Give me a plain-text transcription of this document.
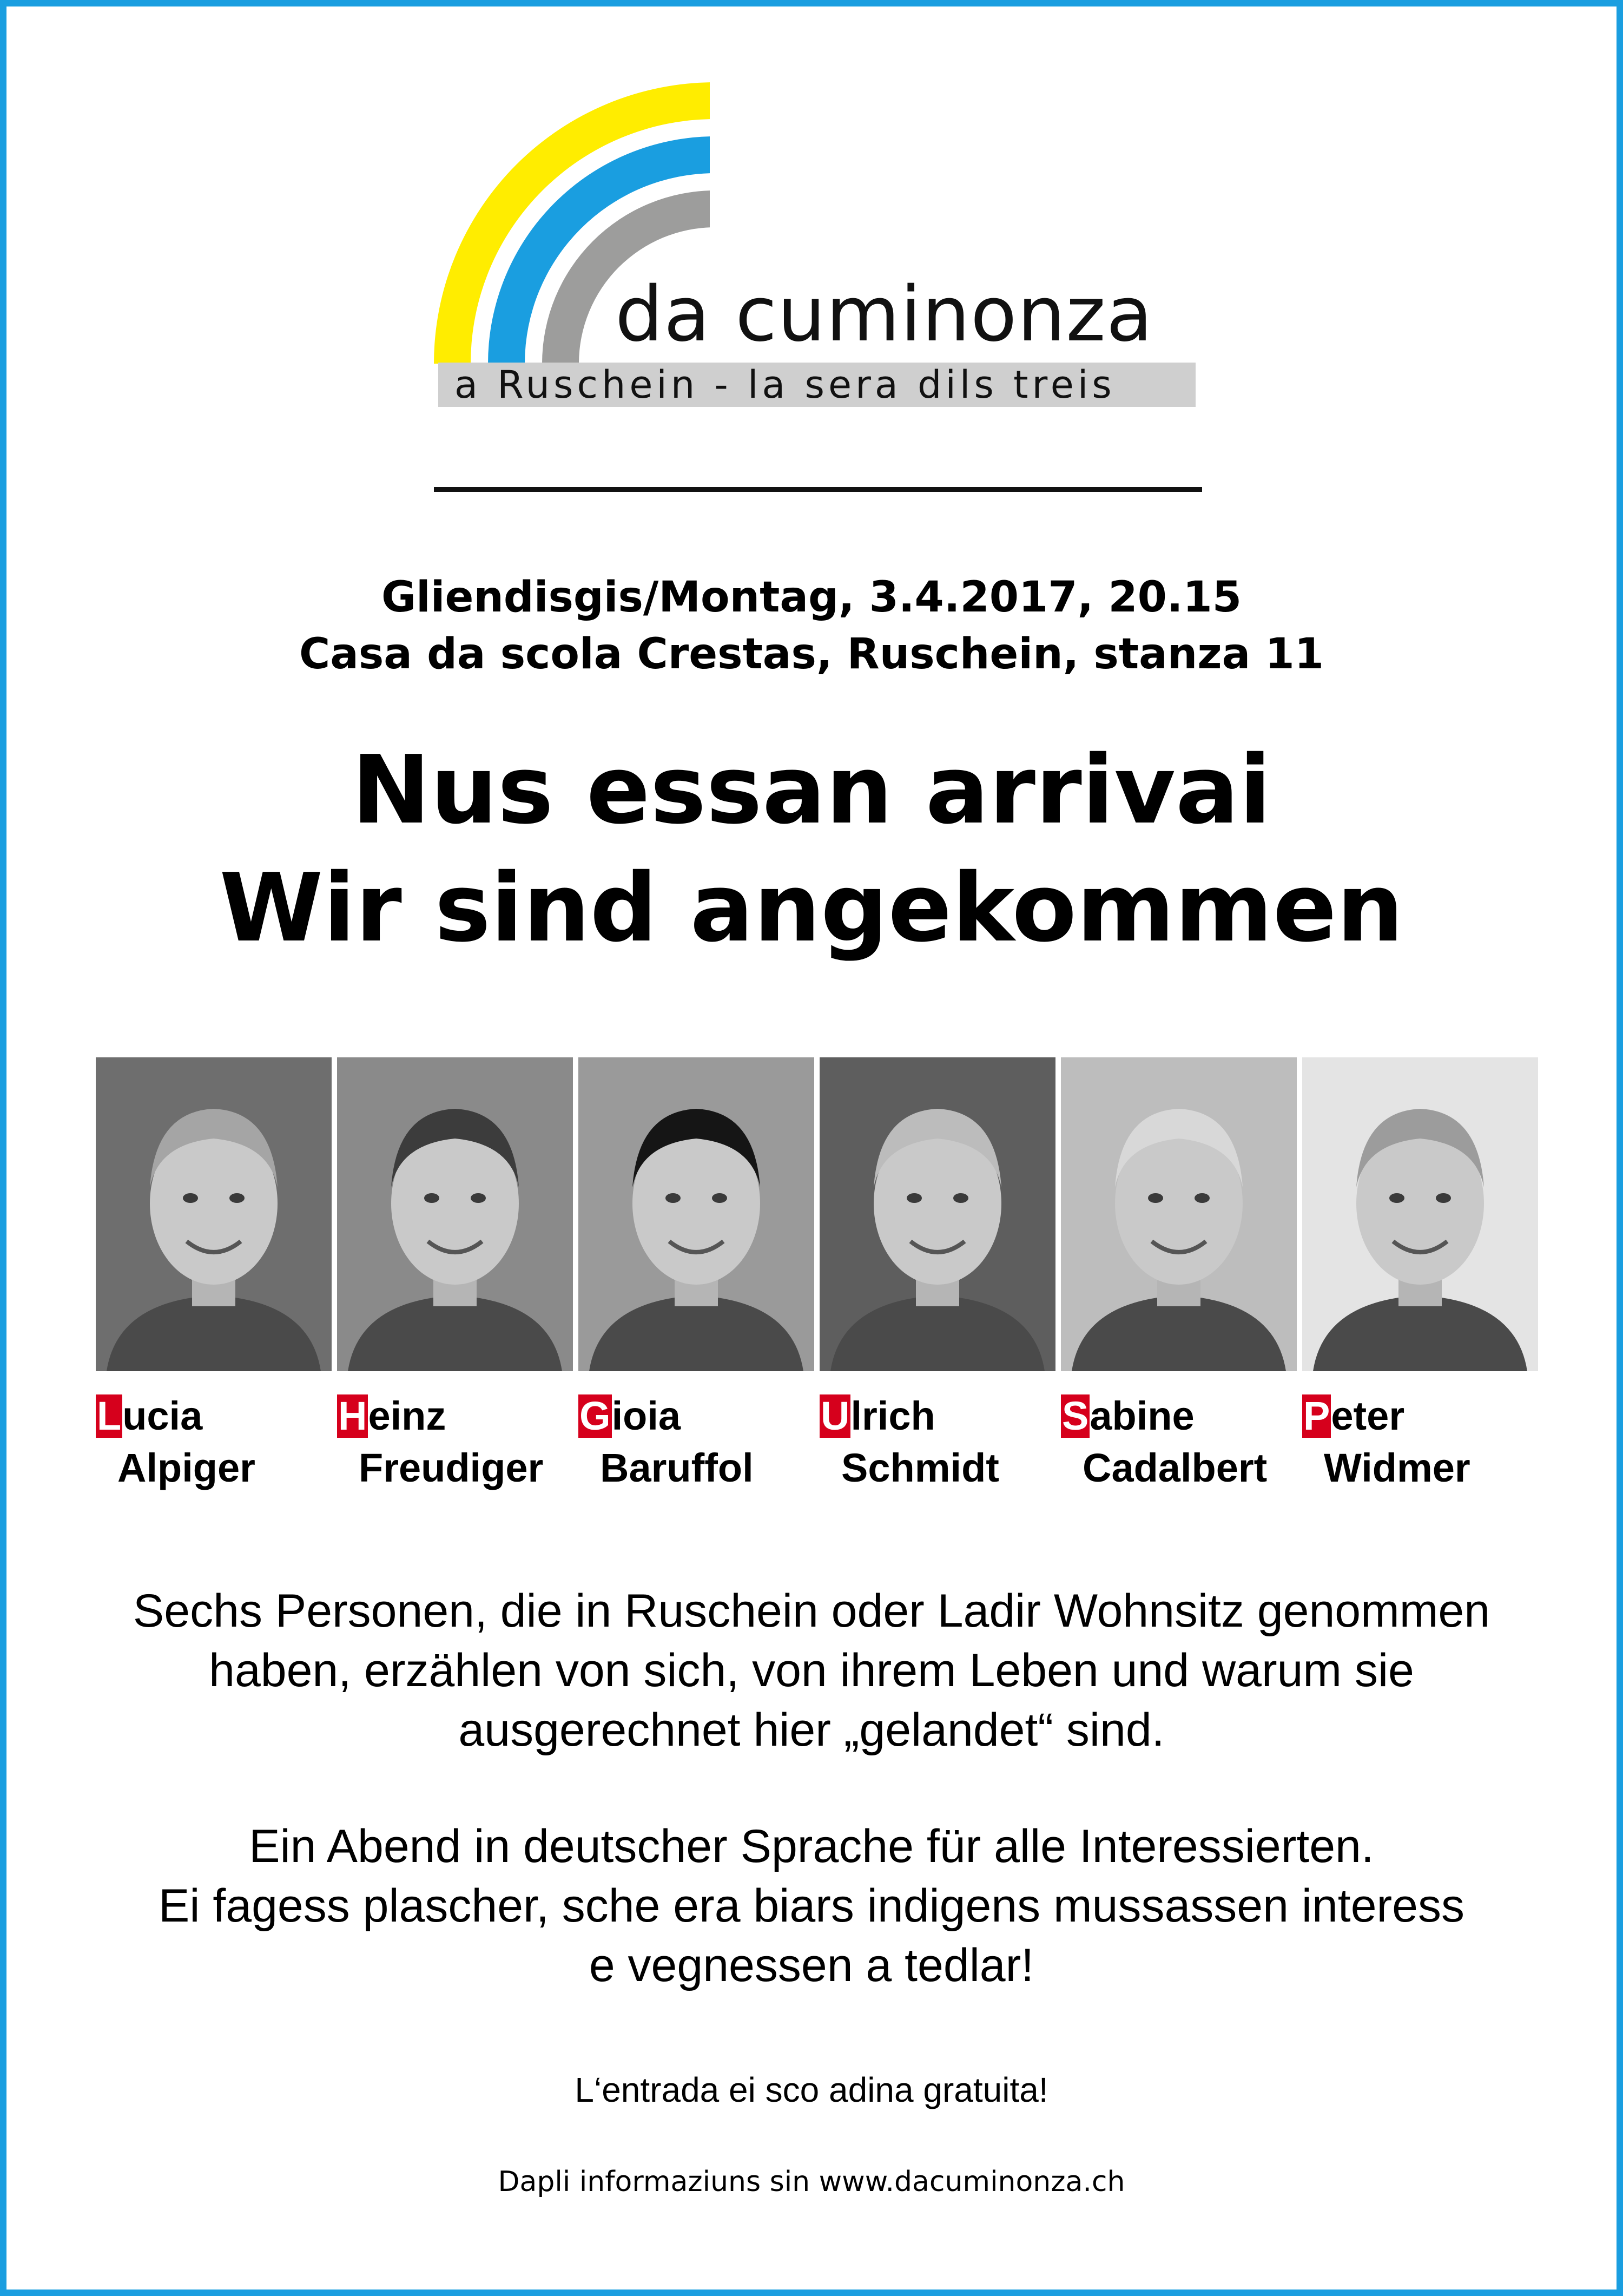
da cuminonza
a Ruschein - la sera dils treis
Gliendisgis/Montag, 3.4.2017, 20.15
Casa da scola Crestas, Ruschein, stanza 11
Nus essan arrivai
Wir sind angekommen
Lucia
Alpiger
Heinz
Freudiger
Gioia
Baruffol
Ulrich
Schmidt
Sabine
Cadalbert
Peter
Widmer
Sechs Personen, die in Ruschein oder Ladir Wohnsitz genommen
haben, erzählen von sich, von ihrem Leben und warum sie
ausgerechnet hier „gelandet“ sind.
Ein Abend in deutscher Sprache für alle Interessierten.
Ei fagess plascher, sche era biars indigens mussassen interess
e vegnessen a tedlar!
L‘entrada ei sco adina gratuita!
Dapli informaziuns sin www.dacuminonza.ch
